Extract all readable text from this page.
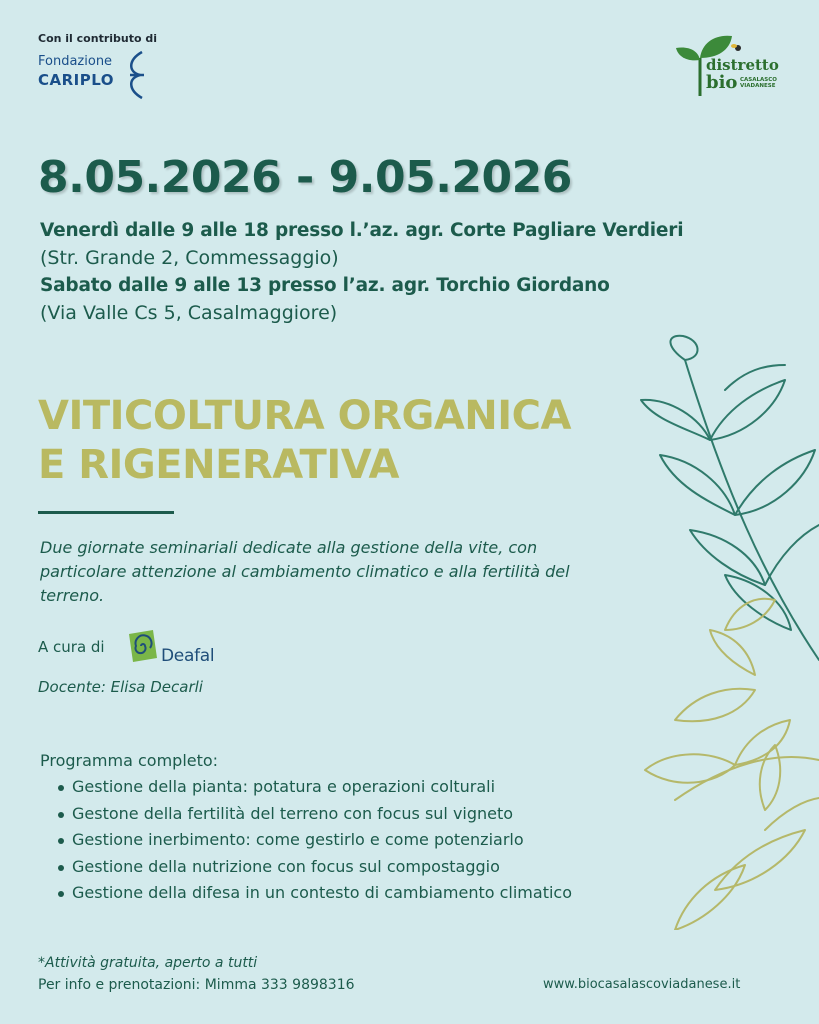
Con il contributo di
Fondazione
CARIPLO
distretto
bio CASALASCO
VIADANESE
8.05.2026 - 9.05.2026
Venerdì dalle 9 alle 18 presso l.’az. agr. Corte Pagliare Verdieri
(Str. Grande 2, Commessaggio)
Sabato dalle 9 alle 13 presso l’az. agr. Torchio Giordano
(Via Valle Cs 5, Casalmaggiore)
VITICOLTURA ORGANICA
E RIGENERATIVA
Due giornate seminariali dedicate alla gestione della vite, con particolare attenzione al cambiamento climatico e alla fertilità del terreno.
A cura di	Deafal
Docente: Elisa Decarli
Programma completo:
Gestione della pianta: potatura e operazioni colturali
Gestone della fertilità del terreno con focus sul vigneto
Gestione inerbimento: come gestirlo e come potenziarlo
Gestione della nutrizione con focus sul compostaggio
Gestione della difesa in un contesto di cambiamento climatico
*Attività gratuita, aperto a tutti
Per info e prenotazioni: Mimma 333 9898316	www.biocasalascoviadanese.it
